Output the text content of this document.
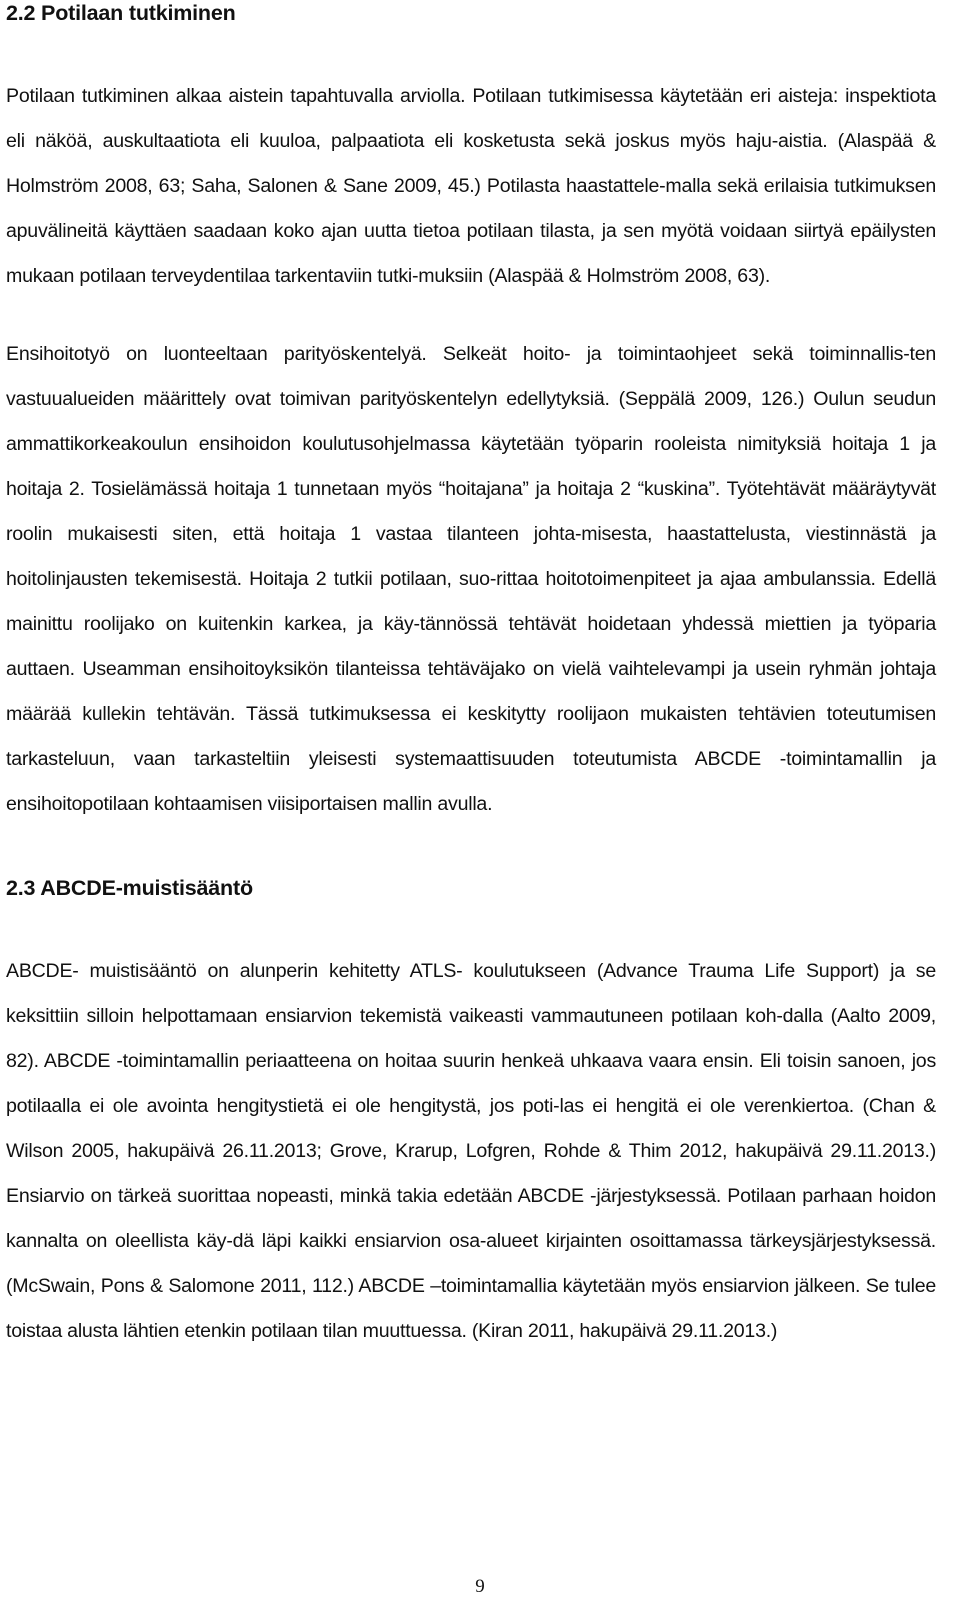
2.2 Potilaan tutkiminen

Potilaan tutkiminen alkaa aistein tapahtuvalla arviolla. Potilaan tutkimisessa käytetään eri aisteja: inspektiota eli näköä, auskultaatiota eli kuuloa, palpaatiota eli kosketusta sekä joskus myös haju-aistia. (Alaspää & Holmström 2008, 63; Saha, Salonen & Sane 2009, 45.) Potilasta haastattele-malla sekä erilaisia tutkimuksen apuvälineitä käyttäen saadaan koko ajan uutta tietoa potilaan tilasta, ja sen myötä voidaan siirtyä epäilysten mukaan potilaan terveydentilaa tarkentaviin tutki-muksiin (Alaspää & Holmström 2008, 63).

Ensihoitotyö on luonteeltaan parityöskentelyä. Selkeät hoito- ja toimintaohjeet sekä toiminnallis-ten vastuualueiden määrittely ovat toimivan parityöskentelyn edellytyksiä. (Seppälä 2009, 126.) Oulun seudun ammattikorkeakoulun ensihoidon koulutusohjelmassa käytetään työparin rooleista nimityksiä hoitaja 1 ja hoitaja 2. Tosielämässä hoitaja 1 tunnetaan myös “hoitajana” ja hoitaja 2 “kuskina”. Työtehtävät määräytyvät roolin mukaisesti siten, että hoitaja 1 vastaa tilanteen johta-misesta, haastattelusta, viestinnästä ja hoitolinjausten tekemisestä. Hoitaja 2 tutkii potilaan, suo-rittaa hoitotoimenpiteet ja ajaa ambulanssia. Edellä mainittu roolijako on kuitenkin karkea, ja käy-tännössä tehtävät hoidetaan yhdessä miettien ja työparia auttaen. Useamman ensihoitoyksikön tilanteissa tehtäväjako on vielä vaihtelevampi ja usein ryhmän johtaja määrää kullekin tehtävän. Tässä tutkimuksessa ei keskitytty roolijaon mukaisten tehtävien toteutumisen tarkasteluun, vaan tarkasteltiin yleisesti systemaattisuuden toteutumista ABCDE -toimintamallin ja ensihoitopotilaan kohtaamisen viisiportaisen mallin avulla.

2.3 ABCDE-muistisääntö

ABCDE- muistisääntö on alunperin kehitetty ATLS- koulutukseen (Advance Trauma Life Support) ja se keksittiin silloin helpottamaan ensiarvion tekemistä vaikeasti vammautuneen potilaan koh-dalla (Aalto 2009, 82). ABCDE -toimintamallin periaatteena on hoitaa suurin henkeä uhkaava vaara ensin. Eli toisin sanoen, jos potilaalla ei ole avointa hengitystietä ei ole hengitystä, jos poti-las ei hengitä ei ole verenkiertoa. (Chan & Wilson 2005, hakupäivä 26.11.2013; Grove, Krarup, Lofgren, Rohde & Thim 2012, hakupäivä 29.11.2013.) Ensiarvio on tärkeä suorittaa nopeasti, minkä takia edetään ABCDE -järjestyksessä. Potilaan parhaan hoidon kannalta on oleellista käy-dä läpi kaikki ensiarvion osa-alueet kirjainten osoittamassa tärkeysjärjestyksessä. (McSwain, Pons & Salomone 2011, 112.) ABCDE –toimintamallia käytetään myös ensiarvion jälkeen. Se tulee toistaa alusta lähtien etenkin potilaan tilan muuttuessa. (Kiran 2011, hakupäivä 29.11.2013.)

9
